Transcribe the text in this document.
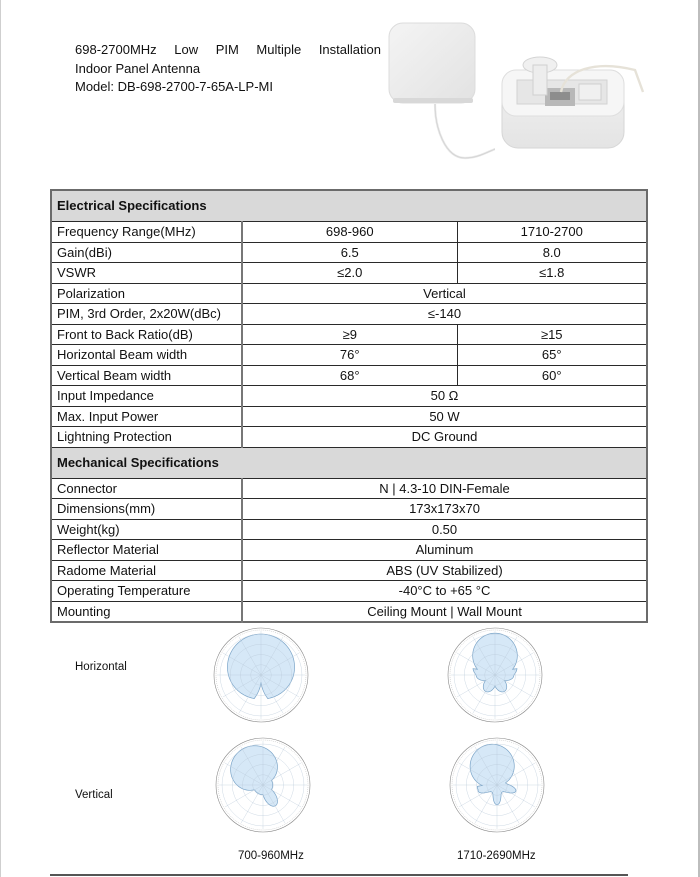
698-2700MHz Low PIM Multiple Installation
Indoor Panel Antenna
Model: DB-698-2700-7-65A-LP-MI
Electrical Specifications		
Frequency Range(MHz)	698-960	1710-2700
Gain(dBi)	6.5	8.0
VSWR	≤2.0	≤1.8
Polarization	Vertical	
PIM, 3rd Order, 2x20W(dBc)	≤-140	
Front to Back Ratio(dB)	≥9	≥15
Horizontal Beam width	76°	65°
Vertical Beam width	68°	60°
Input Impedance	50 Ω	
Max. Input Power	50 W	
Lightning Protection	DC Ground	
Mechanical Specifications		
Connector	N | 4.3-10 DIN-Female	
Dimensions(mm)	173x173x70	
Weight(kg)	0.50	
Reflector Material	Aluminum	
Radome Material	ABS (UV Stabilized)	
Operating Temperature	-40°C to +65 °C	
Mounting	Ceiling Mount | Wall Mount	
Horizontal
Vertical
700-960MHz	1710-2690MHz
